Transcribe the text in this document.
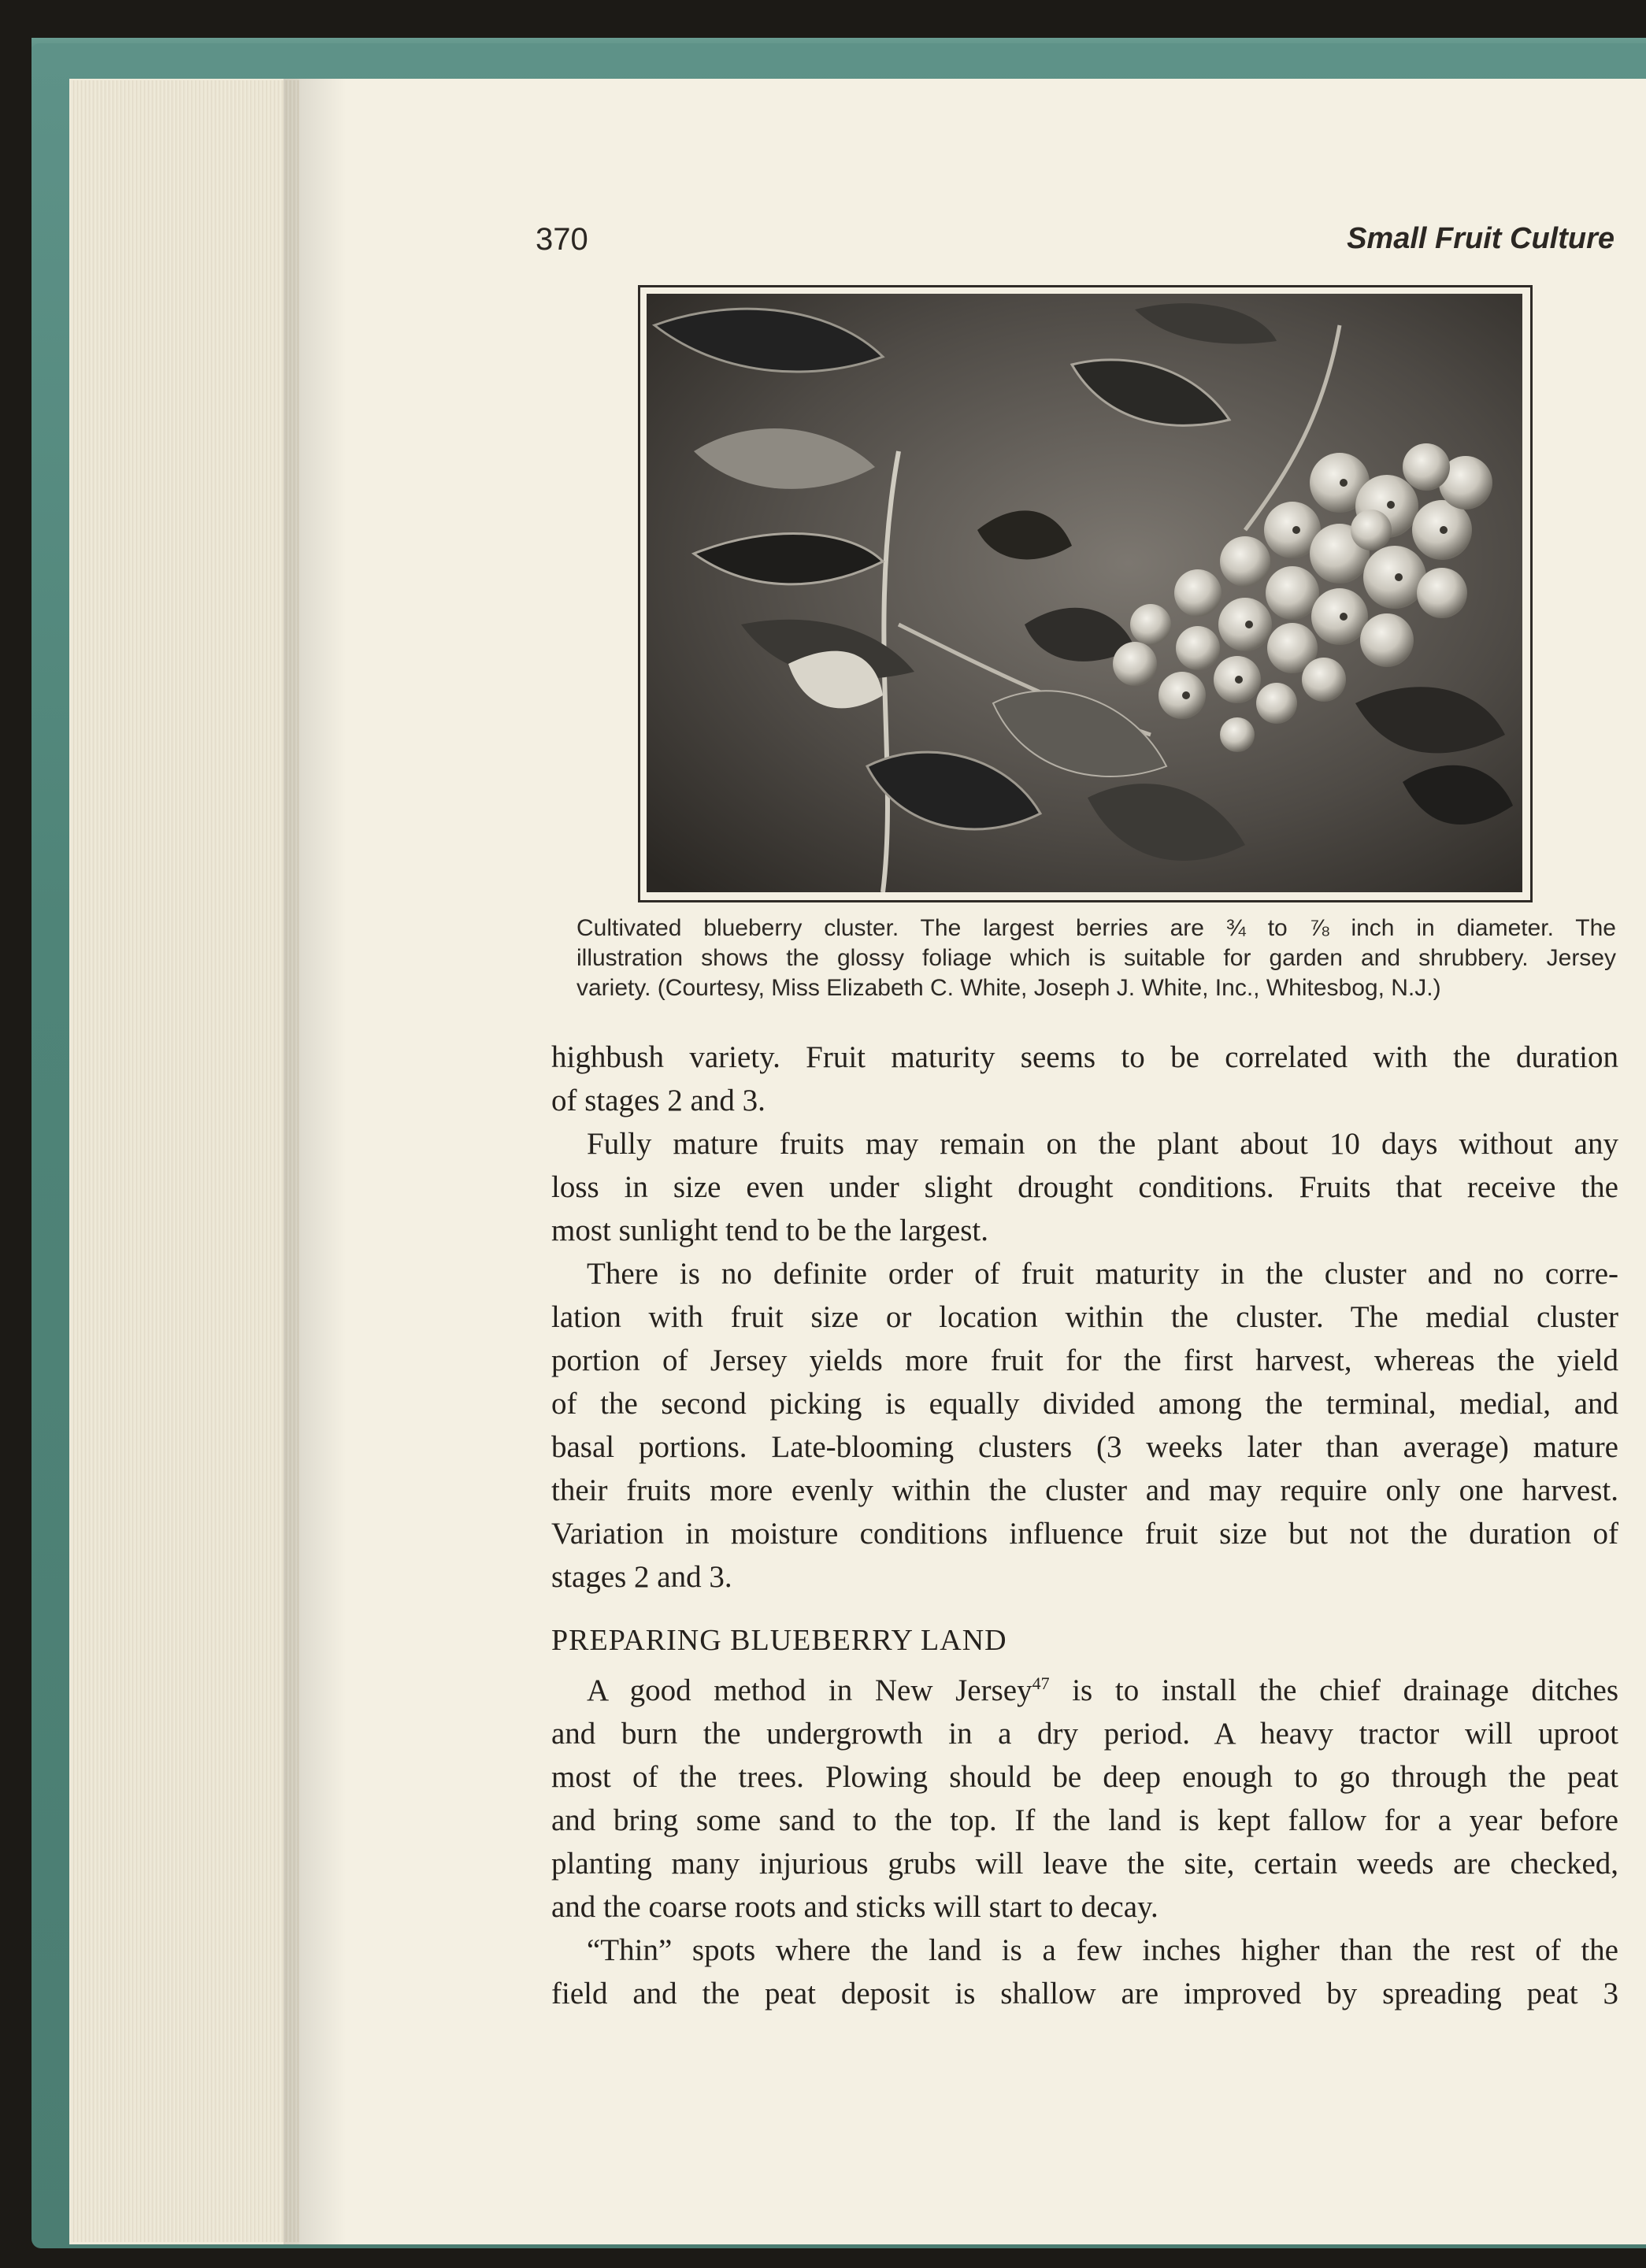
370	Small Fruit Culture
Cultivated blueberry cluster. The largest berries are ¾ to ⅞ inch in diameter. The
illustration shows the glossy foliage which is suitable for garden and shrubbery. Jersey
variety. (Courtesy, Miss Elizabeth C. White, Joseph J. White, Inc., Whitesbog, N.J.)

highbush variety. Fruit maturity seems to be correlated with the duration
of stages 2 and 3.

Fully mature fruits may remain on the plant about 10 days without any
loss in size even under slight drought conditions. Fruits that receive the
most sunlight tend to be the largest.

There is no definite order of fruit maturity in the cluster and no corre-
lation with fruit size or location within the cluster. The medial cluster
portion of Jersey yields more fruit for the first harvest, whereas the yield
of the second picking is equally divided among the terminal, medial, and
basal portions. Late-blooming clusters (3 weeks later than average) mature
their fruits more evenly within the cluster and may require only one harvest.
Variation in moisture conditions influence fruit size but not the duration of
stages 2 and 3.

PREPARING BLUEBERRY LAND

A good method in New Jersey$^{47}$ is to install the chief drainage ditches
and burn the undergrowth in a dry period. A heavy tractor will uproot
most of the trees. Plowing should be deep enough to go through the peat
and bring some sand to the top. If the land is kept fallow for a year before
planting many injurious grubs will leave the site, certain weeds are checked,
and the coarse roots and sticks will start to decay.

“Thin” spots where the land is a few inches higher than the rest of the
field and the peat deposit is shallow are improved by spreading peat 3
